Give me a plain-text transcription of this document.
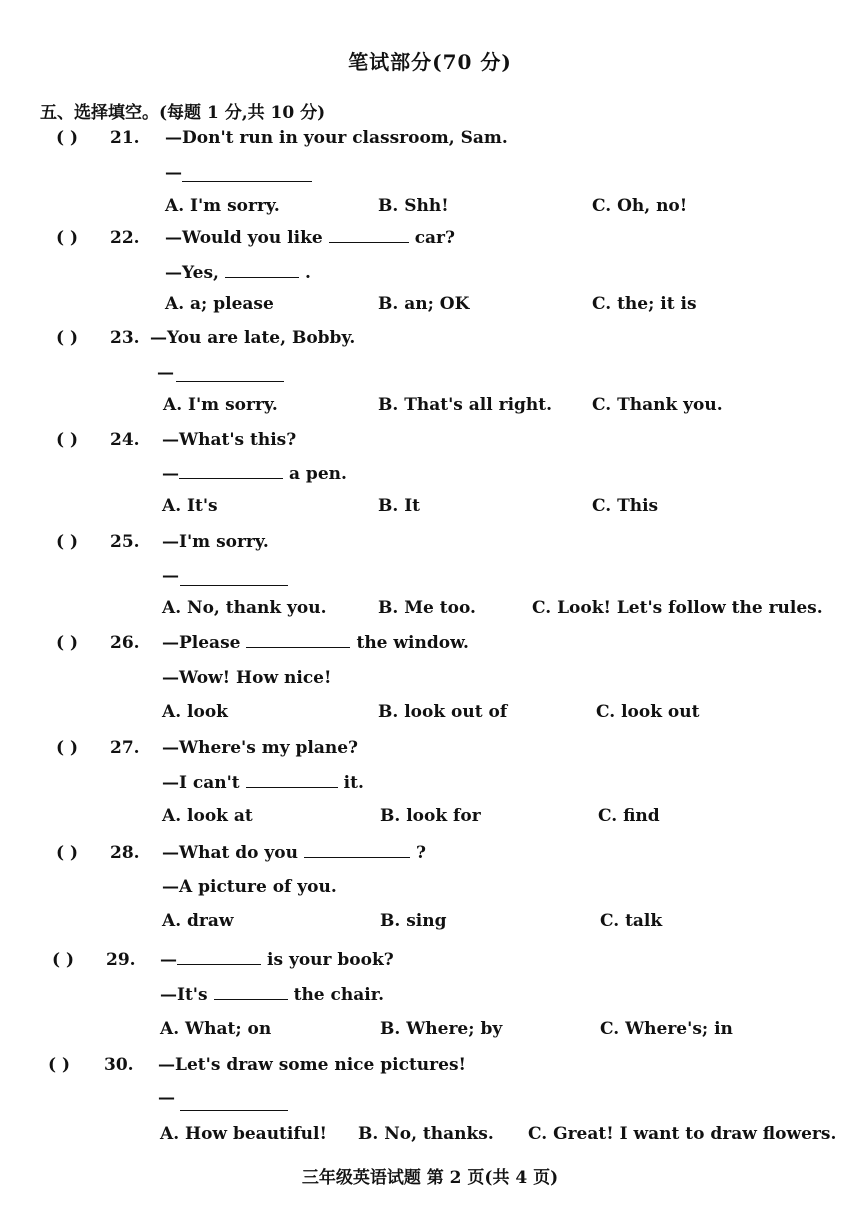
笔试部分(70 分)
五、选择填空。(每题 1 分,共 10 分)
( ) 21. —Don't run in your classroom, Sam.
—
A. I'm sorry.	B. Shh!	C. Oh, no!
( ) 22. —Would you like	car?
—Yes,	.
A. a; please	B. an; OK	C. the; it is
( ) 23. —You are late, Bobby.
—
A. I'm sorry.	B. That's all right. C. Thank you.
( ) 24. —What's this?
—	a pen.
A. It's	B. It	C. This
( ) 25. —I'm sorry.
—
A. No, thank you.	B. Me too.	C. Look! Let's follow the rules.
( ) 26. —Please	the window.
—Wow! How nice!
A. look	B. look out of	C. look out
( ) 27. —Where's my plane?
—I can't	it.
A. look at	B. look for	C. find
( ) 28. —What do you	?
—A picture of you.
A. draw	B. sing	C. talk
( ) 29. —	is your book?
—It's	the chair.
A. What; on	B. Where; by	C. Where's; in
( ) 30. —Let's draw some nice pictures!
—
A. How beautiful! B. No, thanks. C. Great! I want to draw flowers.
三年级英语试题 第 2 页(共 4 页)
